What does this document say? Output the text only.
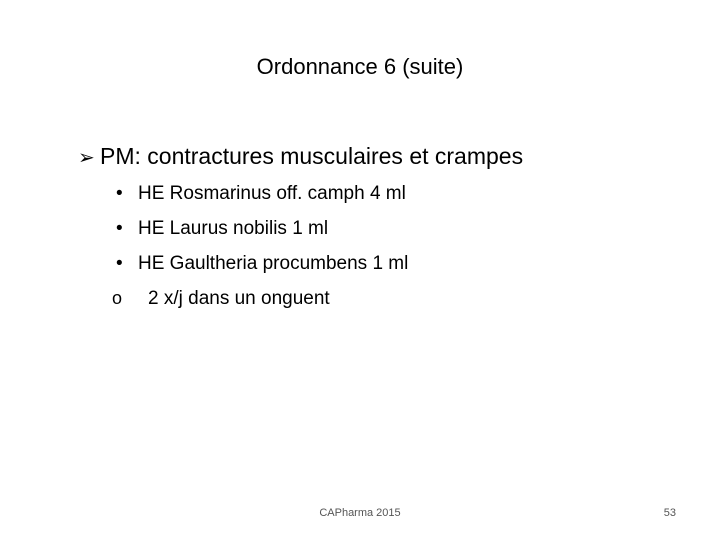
Ordonnance 6 (suite)
➢ PM: contractures musculaires et crampes
• HE Rosmarinus off. camph 4 ml
• HE Laurus nobilis 1 ml
• HE Gaultheria procumbens 1 ml
o	2 x/j dans un onguent
CAPharma 2015	53
